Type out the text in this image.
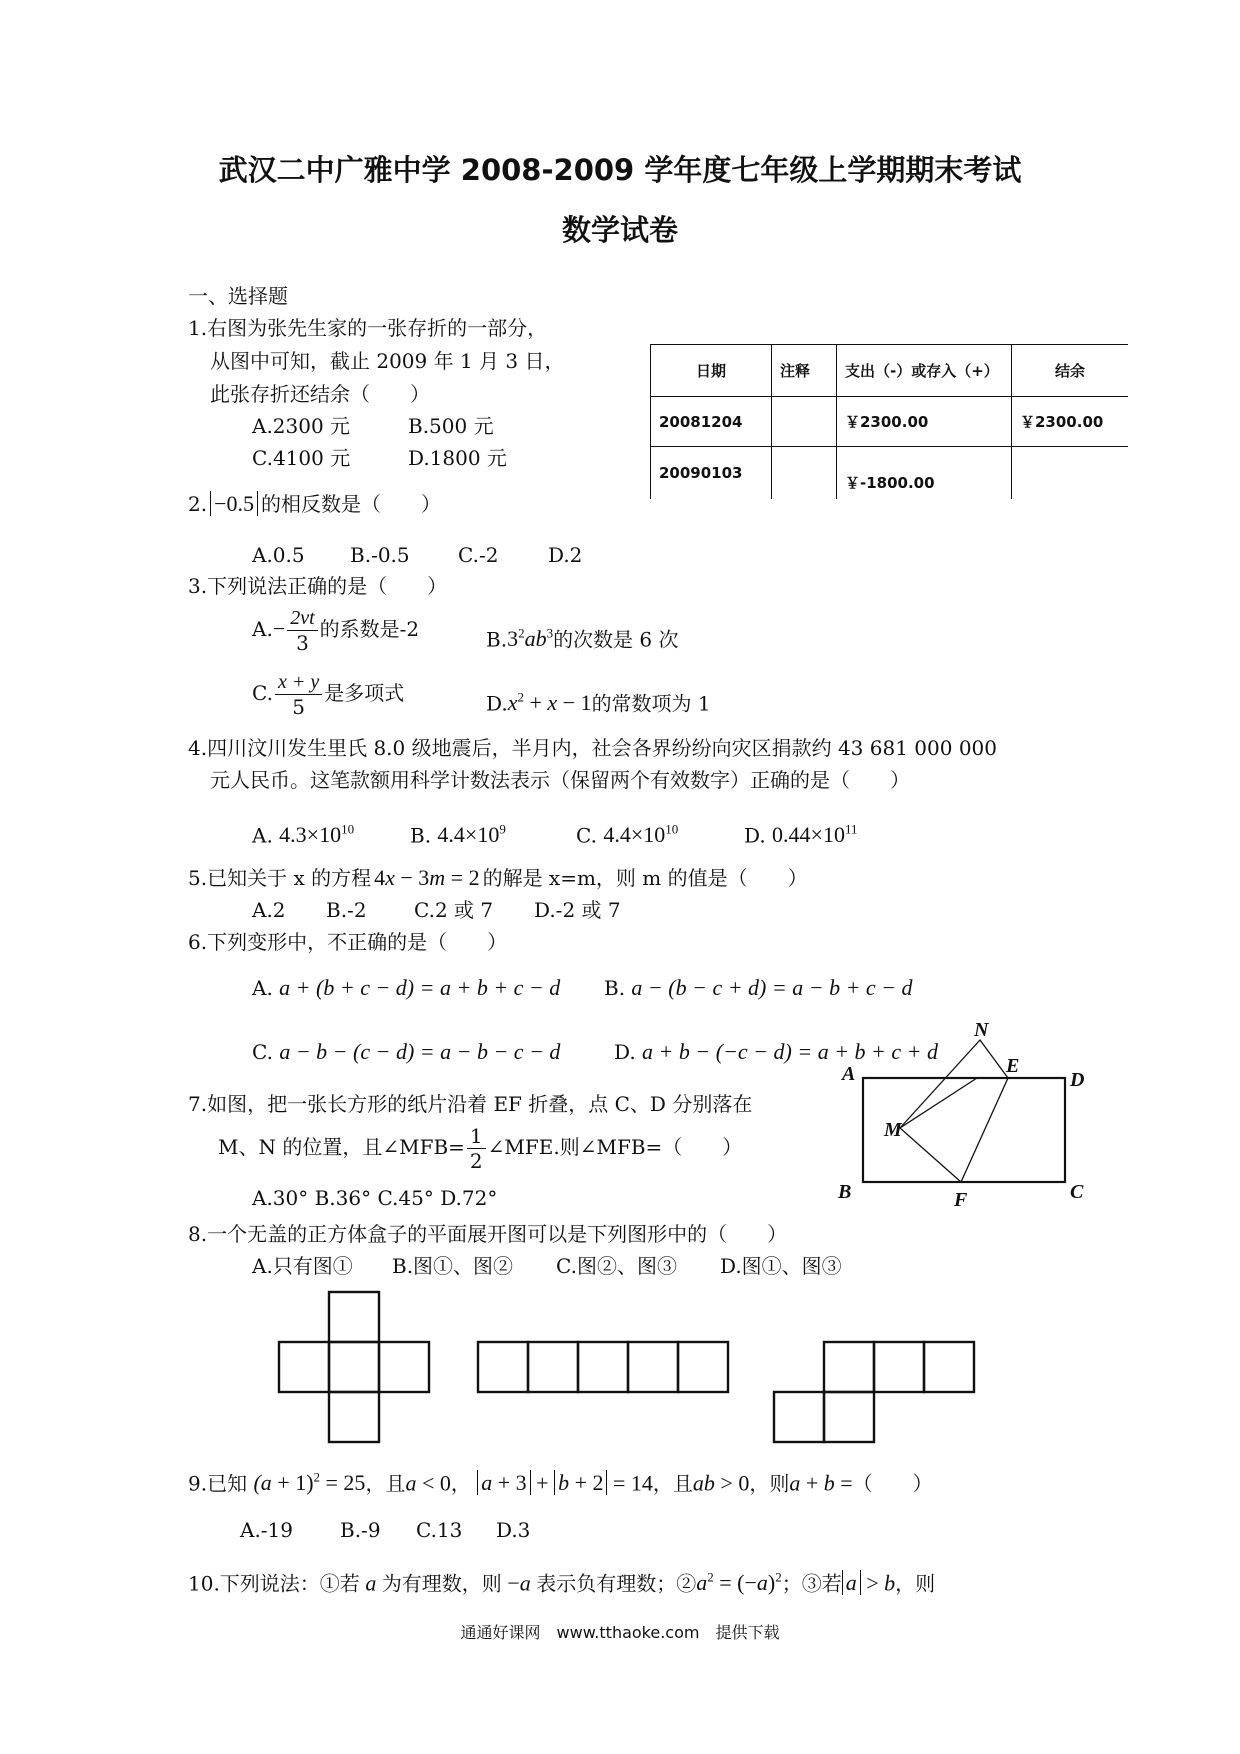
武汉二中广雅中学 2008-2009 学年度七年级上学期期末考试
数学试卷
一、选择题
1.右图为张先生家的一张存折的一部分，
从图中可知，截止 2009 年 1 月 3 日，
此张存折还结余（　　）
A.2300 元	B.500 元
C.4100 元	D.1800 元
日期	注释	支出（-）或存入（+）	结余
20081204		￥2300.00	￥2300.00
20090103		￥-1800.00	
2. −0.5 的相反数是（　　）
A.0.5 B.-0.5 C.-2 D.2
3.下列说法正确的是（　　）
$A.- \frac{2vt}{3}$ 的系数是-2	$B.3^2ab^3$的次数是 6 次
C. $\frac{x + y}{5}$ 是多项式	$D.x^2 + x - 1$的常数项为 1
4.四川汶川发生里氏 8.0 级地震后，半月内，社会各界纷纷向灾区捐款约 43 681 000 000
元人民币。这笔款额用科学计数法表示（保留两个有效数字）正确的是（　　）
A. $4.3\times 10^{10}$	B. $4.4\times 10^9$	C. $4.4\times 10^{10}$	D. $0.44\times 10^{11}$
5.已知关于 x 的方程 4x − 3m = 2 的解是 x=m，则 m 的值是（　　）
A.2 B.-2 C.2 或 7 D.-2 或 7
6.下列变形中，不正确的是（　　）
A. a + (b + c − d) = a + b + c − d B. a − (b − c + d) = a − b + c − d
C. a − b − (c − d) = a − b − c − d	D. a + b − (−c − d) = a + b + c + d
7.如图，把一张长方形的纸片沿着 EF 折叠，点 C、D 分别落在
M、N 的位置，且∠MFB= $\frac{1}{2}$ ∠MFE.则∠MFB=（　　）
A.30° B.36° C.45° D.72°
N
E
A	D
M
B	F	C
8.一个无盖的正方体盒子的平面展开图可以是下列图形中的（　　）
A.只有图① B.图①、图② C.图②、图③ D.图①、图③
9.已知 $(a + 1)^2 = 25$，且a < 0， a + 3 + b + 2 = 14，且ab > 0，则a + b =（　　）
A.-19 B.-9 C.13 D.3
10.下列说法：①若 a 为有理数，则 −a 表示负有理数；$②a^2 = (-a)^2$；③若 a > b，则
通通好课网　www.tthaoke.com　提供下载
